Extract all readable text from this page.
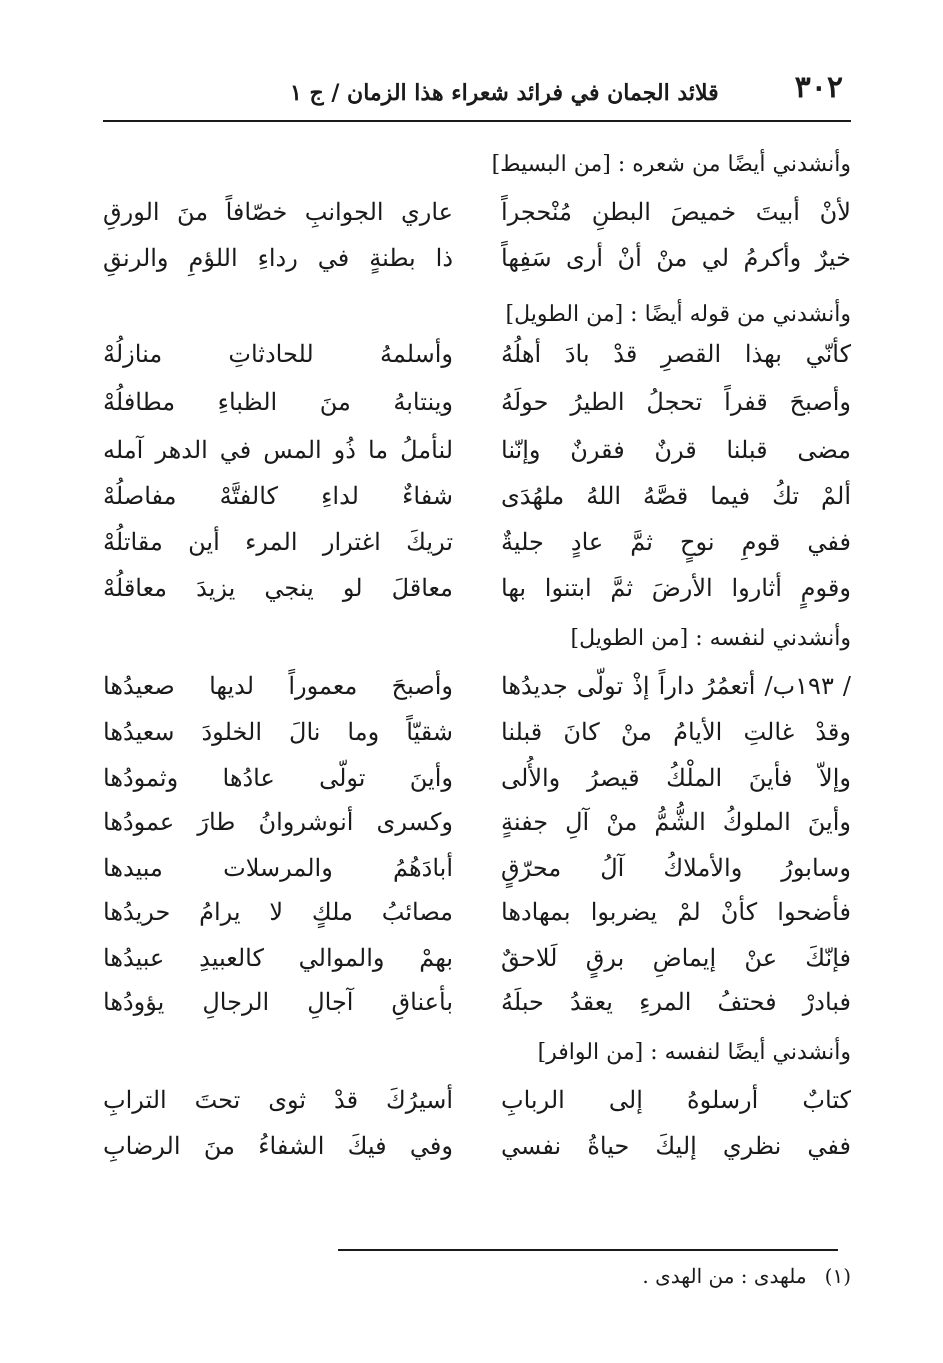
٣٠٢
قلائد الجمان في فرائد شعراء هذا الزمان / ج ١
وأنشدني أيضًا من شعره : [من البسيط]
لأنْ أبيتَ خميصَ البطنِ مُنْحجراً
عاري الجوانبِ خصّافاً منَ الورقِ
خيرٌ وأكرمُ لي منْ أنْ أرى سَفِهاً
ذا بطنةٍ في رداءِ اللؤمِ والرنقِ
وأنشدني من قوله أيضًا : [من الطويل]
كأنّي بهذا القصرِ قدْ بادَ أهلُهُ
وأسلمهُ للحادثاتِ منازلُهْ
وأصبحَ قفراً تحجلُ الطيرُ حولَهُ
وينتابهُ منَ الظباءِ مطافلُهْ
مضى قبلنا قرنٌ فقرنٌ وإنّنا
لنأملُ ما ذُو المس في الدهر آمله
ألمْ تكُ فيما قصَّهُ اللهُ ملهُدَى
شفاءٌ لداءِ كالفتَّهْ مفاصلُهْ
ففي قومِ نوحٍ ثمَّ عادٍ جليةٌ
تريكَ اغترار المرء أين مقاتلُهْ
وقومٍ أثاروا الأرضَ ثمَّ ابتنوا بها
معاقلَ لو ينجي يزيدَ معاقلُهْ
وأنشدني لنفسه : [من الطويل]
/ ١٩٣ب/ أتعمُرُ داراً إذْ تولّى جديدُها
وأصبحَ معموراً لديها صعيدُها
وقدْ غالتِ الأيامُ منْ كانَ قبلنا
شقيّاً وما نالَ الخلودَ سعيدُها
وإلاّ فأينَ الملْكُ قيصرُ والأُلى
وأينَ تولّى عادُها وثمودُها
وأينَ الملوكُ الشُّمُّ منْ آلِ جفنةٍ
وكسرى أنوشروانُ طارَ عمودُها
وسابورُ والأملاكُ آلُ محرّقٍ
أبادَهُمُ والمرسلات مبيدها
فأضحوا كأنْ لمْ يضربوا بمهادها
مصائبُ ملكٍ لا يرامُ حريدُها
فإنّكَ عنْ إيماضِ برقٍ لَلاحقٌ
بهمْ والموالي كالعبيدِ عبيدُها
فبادرْ فحتفُ المرءِ يعقدُ حبلَهُ
بأعناقِ آجالِ الرجالِ يؤودُها
وأنشدني أيضًا لنفسه : [من الوافر]
كتابٌ أرسلوهُ إلى الربابِ
أسيرُكَ قدْ ثوى تحتَ الترابِ
ففي نظري إليكَ حياةُ نفسي
وفي فيكَ الشفاءُ منَ الرضابِ
(١)ملهدى : من الهدى .
